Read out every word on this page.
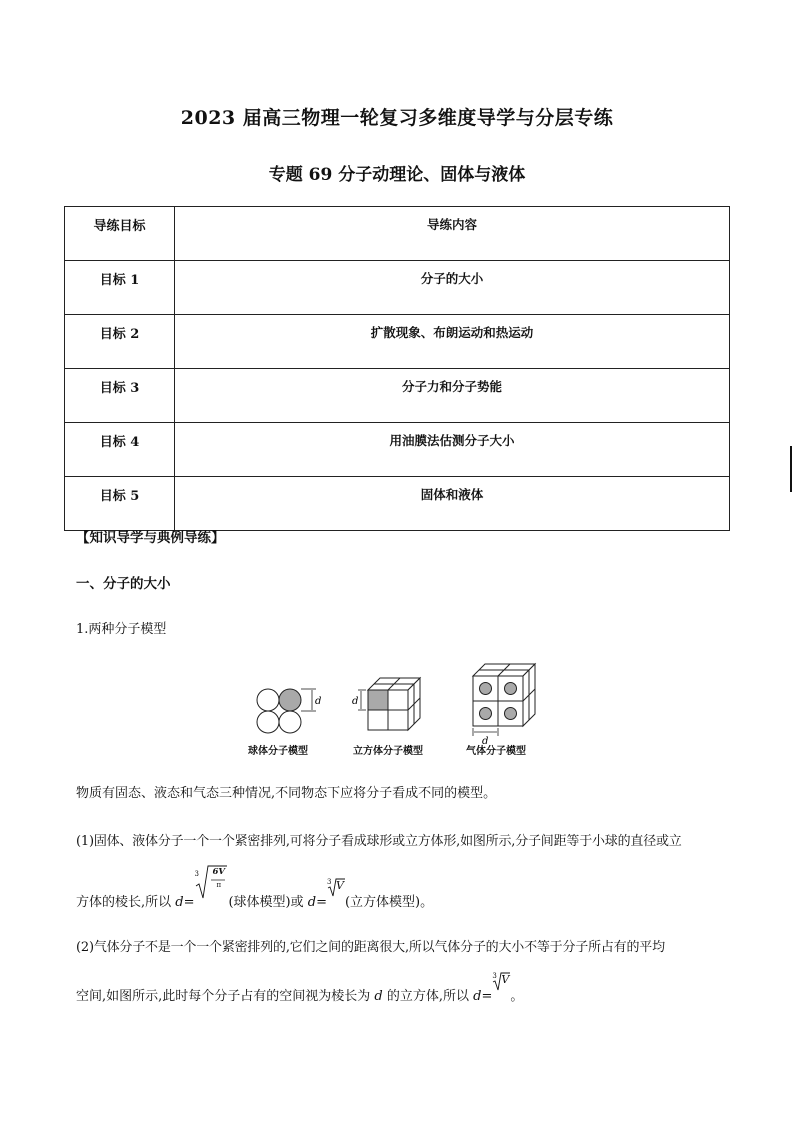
2023 届高三物理一轮复习多维度导学与分层专练
专题 69 分子动理论、固体与液体
导练目标	导练内容
目标 1	分子的大小
目标 2	扩散现象、布朗运动和热运动
目标 3	分子力和分子势能
目标 4	用油膜法估测分子大小
目标 5	固体和液体
【知识导学与典例导练】
一、分子的大小
1.两种分子模型
d	d
d
球体分子模型	立方体分子模型	气体分子模型
物质有固态、液态和气态三种情况,不同物态下应将分子看成不同的模型。
(1)固体、液体分子一个一个紧密排列,可将分子看成球形或立方体形,如图所示,分子间距等于小球的直径或立
方体的棱长,所以 d=
3 6V
π
(球体模型)或 d=
3 V
(立方体模型)。
(2)气体分子不是一个一个紧密排列的,它们之间的距离很大,所以气体分子的大小不等于分子所占有的平均
空间,如图所示,此时每个分子占有的空间视为棱长为 d 的立方体,所以 d=
3 V
。
